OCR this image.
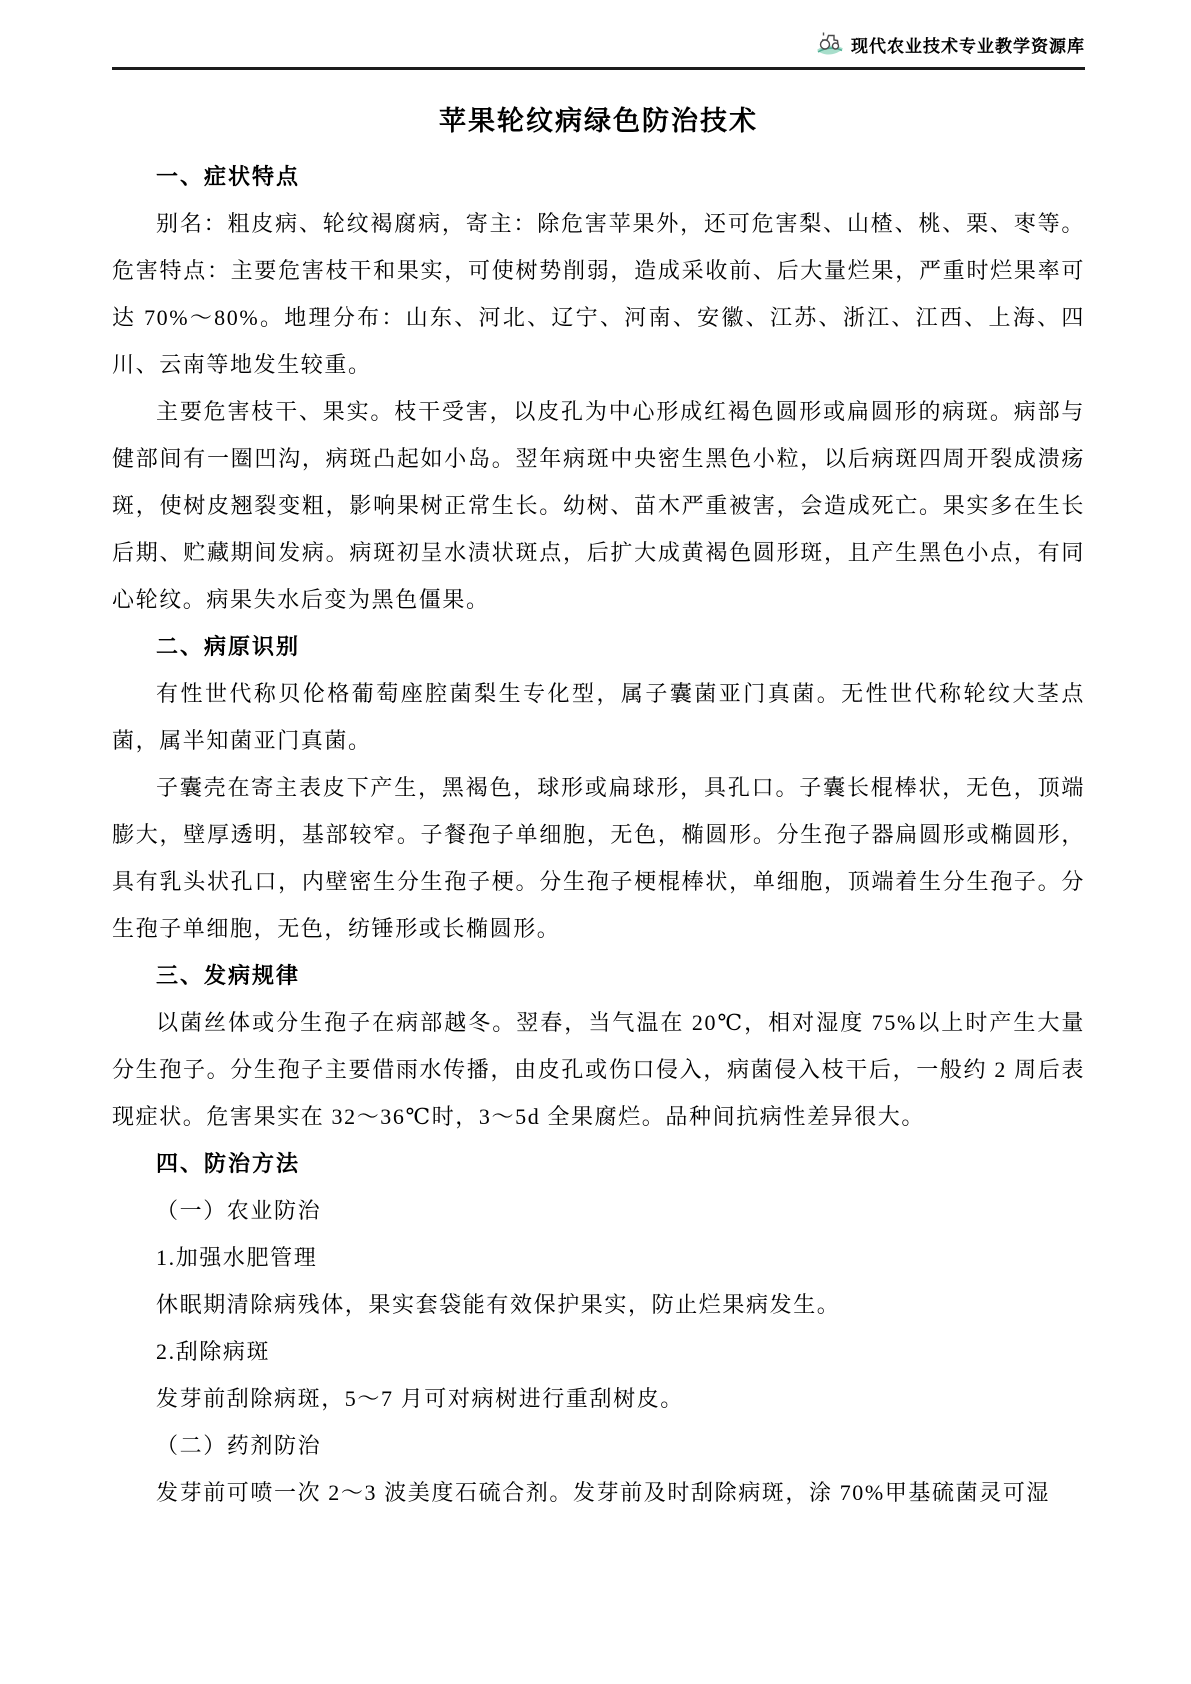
现代农业技术专业教学资源库
苹果轮纹病绿色防治技术
一、症状特点

别名：粗皮病、轮纹褐腐病，寄主：除危害苹果外，还可危害梨、山楂、桃、栗、枣等。危害特点：主要危害枝干和果实，可使树势削弱，造成采收前、后大量烂果，严重时烂果率可达 70%～80%。地理分布：山东、河北、辽宁、河南、安徽、江苏、浙江、江西、上海、四川、云南等地发生较重。

主要危害枝干、果实。枝干受害，以皮孔为中心形成红褐色圆形或扁圆形的病斑。病部与健部间有一圈凹沟，病斑凸起如小岛。翌年病斑中央密生黑色小粒，以后病斑四周开裂成溃疡斑，使树皮翘裂变粗，影响果树正常生长。幼树、苗木严重被害，会造成死亡。果实多在生长后期、贮藏期间发病。病斑初呈水渍状斑点，后扩大成黄褐色圆形斑，且产生黑色小点，有同心轮纹。病果失水后变为黑色僵果。

二、病原识别

有性世代称贝伦格葡萄座腔菌梨生专化型，属子囊菌亚门真菌。无性世代称轮纹大茎点菌，属半知菌亚门真菌。

子囊壳在寄主表皮下产生，黑褐色，球形或扁球形，具孔口。子囊长棍棒状，无色，顶端膨大，壁厚透明，基部较窄。子餐孢子单细胞，无色，椭圆形。分生孢子器扁圆形或椭圆形，具有乳头状孔口，内壁密生分生孢子梗。分生孢子梗棍棒状，单细胞，顶端着生分生孢子。分生孢子单细胞，无色，纺锤形或长椭圆形。

三、发病规律

以菌丝体或分生孢子在病部越冬。翌春，当气温在 20℃，相对湿度 75%以上时产生大量分生孢子。分生孢子主要借雨水传播，由皮孔或伤口侵入，病菌侵入枝干后，一般约 2 周后表现症状。危害果实在 32～36℃时，3～5d 全果腐烂。品种间抗病性差异很大。

四、防治方法

（一）农业防治

1.加强水肥管理

休眠期清除病残体，果实套袋能有效保护果实，防止烂果病发生。

2.刮除病斑

发芽前刮除病斑，5～7 月可对病树进行重刮树皮。

（二）药剂防治

发芽前可喷一次 2～3 波美度石硫合剂。发芽前及时刮除病斑，涂 70%甲基硫菌灵可湿
